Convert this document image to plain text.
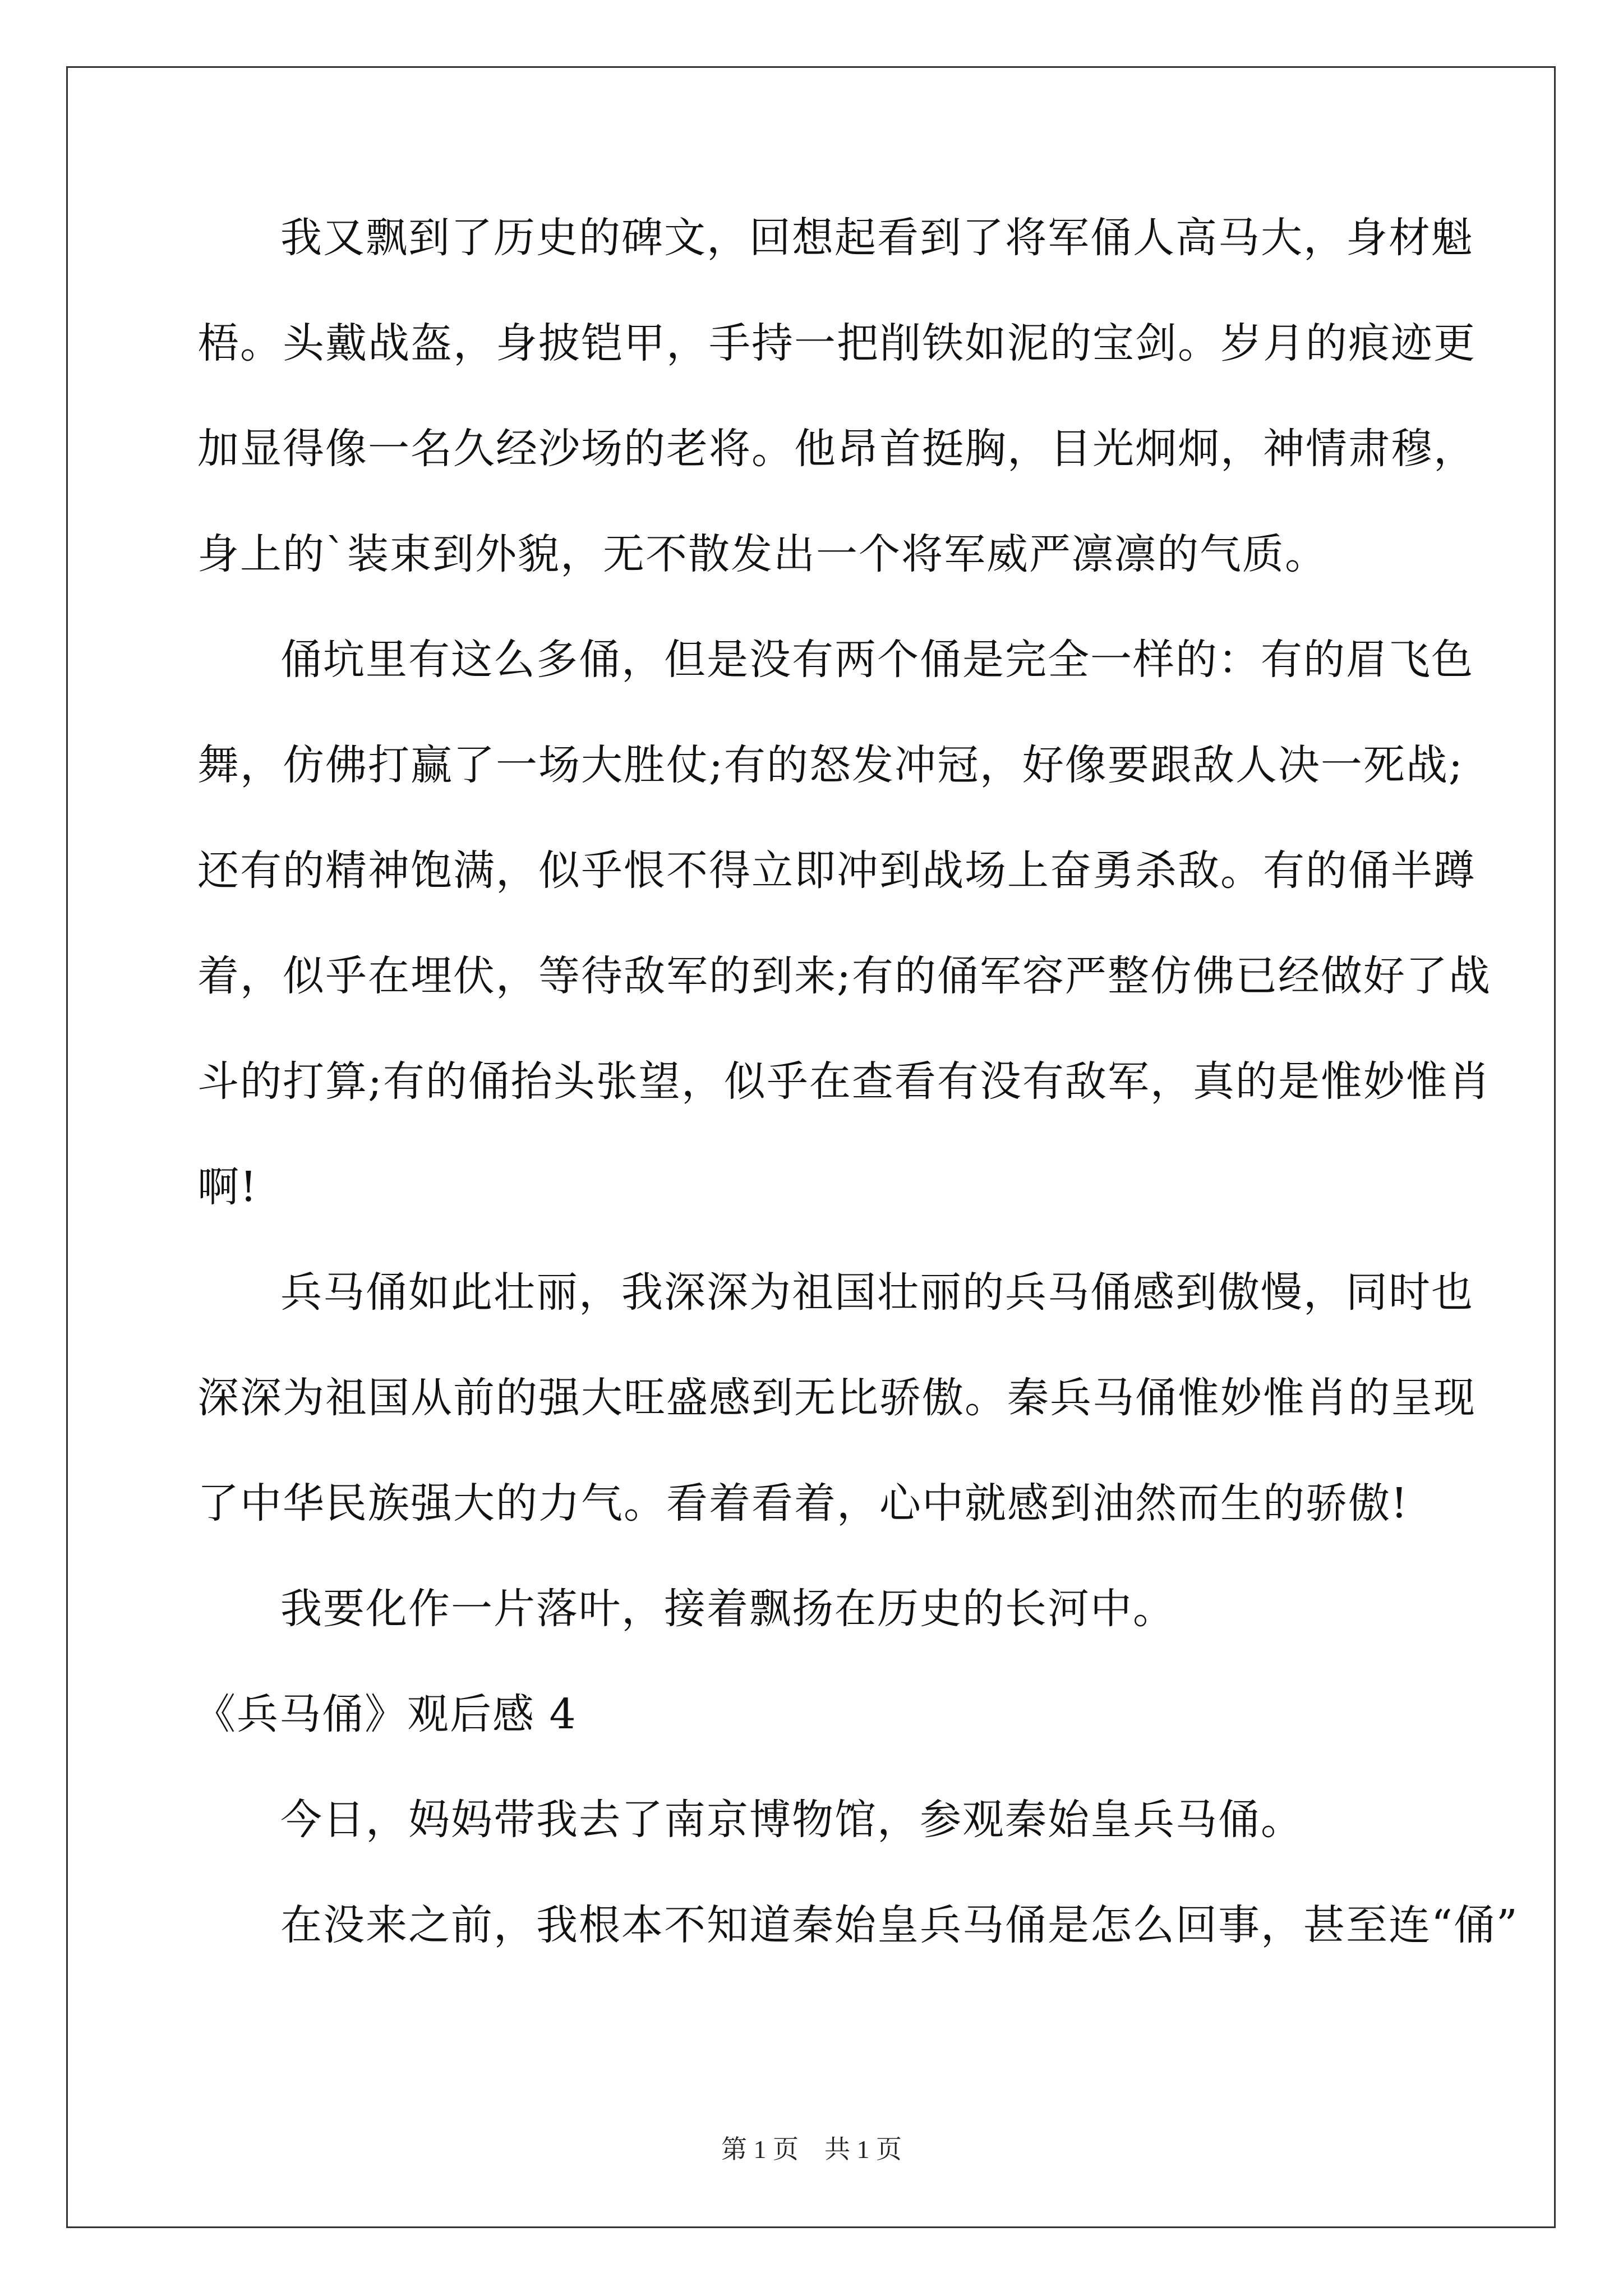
我又飘到了历史的碑文，回想起看到了将军俑人高马大，身材魁
梧。头戴战盔，身披铠甲，手持一把削铁如泥的宝剑。岁月的痕迹更
加显得像一名久经沙场的老将。他昂首挺胸，目光炯炯，神情肃穆，
身上的`装束到外貌，无不散发出一个将军威严凛凛的气质。
俑坑里有这么多俑，但是没有两个俑是完全一样的：有的眉飞色
舞，仿佛打赢了一场大胜仗;有的怒发冲冠，好像要跟敌人决一死战;
还有的精神饱满，似乎恨不得立即冲到战场上奋勇杀敌。有的俑半蹲
着，似乎在埋伏，等待敌军的到来;有的俑军容严整仿佛已经做好了战
斗的打算;有的俑抬头张望，似乎在查看有没有敌军，真的是惟妙惟肖
啊!
兵马俑如此壮丽，我深深为祖国壮丽的兵马俑感到傲慢，同时也
深深为祖国从前的强大旺盛感到无比骄傲。秦兵马俑惟妙惟肖的呈现
了中华民族强大的力气。看着看着，心中就感到油然而生的骄傲!
我要化作一片落叶，接着飘扬在历史的长河中。
《兵马俑》观后感 4
今日，妈妈带我去了南京博物馆，参观秦始皇兵马俑。
在没来之前，我根本不知道秦始皇兵马俑是怎么回事，甚至连“俑”
第 1 页　共 1 页
